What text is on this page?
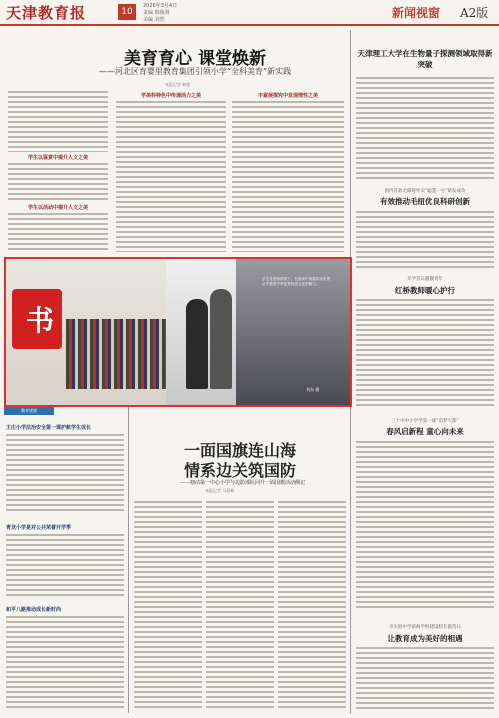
天津教育报	10
2026年3月4日
责编 韩俊贤
美编 刘烈	新闻视窗 A2版
美育育心 课堂焕新
——河北区育婴里教育集团引领小学“全科美育”新实践
本报记者 韩俊
学生以鉴赏中提升人文之美
学生以活动中提升人文之美
学美科特色中传递活力之美	丰富展探究中发现理性之美
书
学生在老师带领下，在阅读中探索知识世界，从中感受中华优秀传统文化的魅力。
刘东 摄
教育速递
王庄小学法治安全第一课护航学生成长
青龙小学是对公共荣誉开学季
和平八路推动成长新时尚
一面国旗连山海
情系边关筑国防
——塘沽第一中心小学与边防部队同升一面国旗活动侧记
本报记者 马晨峰
天津理工大学在生物量子探测领域取得新突破
国内首款无障碍外卖“聪慧一号”研发成功
有效推动毛纽优良科研创新
开学首日靓靓青年
红桥教师暖心护行
三十中中小学学第一课“追梦天都”
春风启新程 童心向未来
市实验中学滨海学校建设校长接待日
让教育成为美好的相遇
